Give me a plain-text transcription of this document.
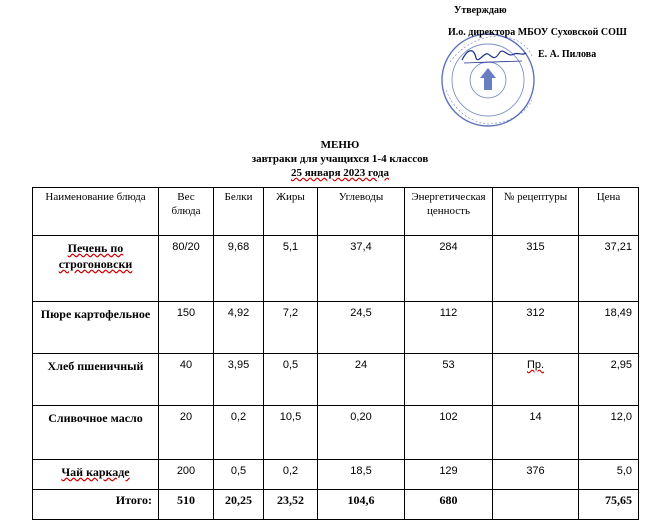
Утверждаю
И.о. директора МБОУ Суховской СОШ
Е. А. Пилова
МЕНЮ
завтраки для учащихся 1-4 классов
25 января 2023 года
Наименование блюда	Вес блюда	Белки	Жиры	Углеводы	Энергетическая ценность	№ рецептуры	Цена
Печень по строгоновски	80/20	9,68	5,1	37,4	284	315	37,21
Пюре картофельное	150	4,92	7,2	24,5	112	312	18,49
Хлеб пшеничный	40	3,95	0,5	24	53	Пр.	2,95
Сливочное масло	20	0,2	10,5	0,20	102	14	12,0
Чай каркаде	200	0,5	0,2	18,5	129	376	5,0
Итого:	510	20,25	23,52	104,6	680		75,65
